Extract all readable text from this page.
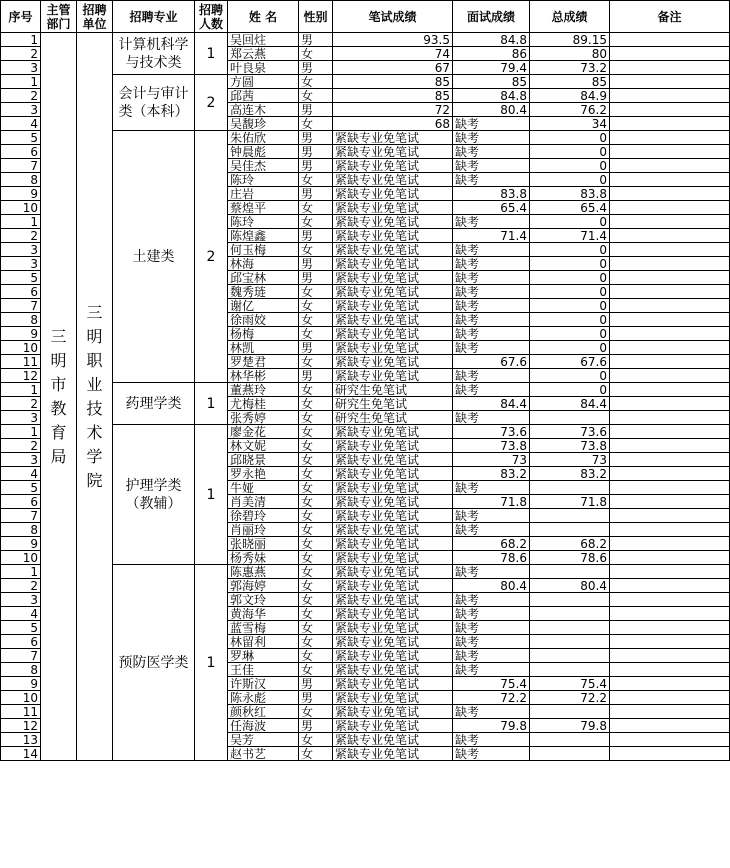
序号	主管部门	招聘单位	招聘专业	招聘人数	姓 名	性别	笔试成绩	面试成绩	总成绩	备注
1	三明市教育局	三明职业技术学院	计算机科学与技术类	1	吴回炷	男	93.5	84.8	89.15	
2					郑云燕	女	74	86	80	
3					叶良泉	男	67	79.4	73.2	
1			会计与审计类（本科）	2	方圆	女	85	85	85	
2					邱茜	女	85	84.8	84.9	
3					高连木	男	72	80.4	76.2	
4					吴馥珍	女	68	缺考	34	
5			土建类	2	朱佑欣	男	紧缺专业免笔试	缺考	0	
6					钟晨彪	男	紧缺专业免笔试	缺考	0	
7					吴佳杰	男	紧缺专业免笔试	缺考	0	
8					陈玲	女	紧缺专业免笔试	缺考	0	
9					庄岩	男	紧缺专业免笔试	83.8	83.8	
10					蔡煌平	女	紧缺专业免笔试	65.4	65.4	
1					陈玲	女	紧缺专业免笔试	缺考	0	
2					陈煌鑫	男	紧缺专业免笔试	71.4	71.4	
3					何玉梅	女	紧缺专业免笔试	缺考	0	
3					林海	男	紧缺专业免笔试	缺考	0	
5					邱宝林	男	紧缺专业免笔试	缺考	0	
6					魏秀琏	女	紧缺专业免笔试	缺考	0	
7					谢亿	女	紧缺专业免笔试	缺考	0	
8					徐雨姣	女	紧缺专业免笔试	缺考	0	
9					杨梅	女	紧缺专业免笔试	缺考	0	
10					林凯	男	紧缺专业免笔试	缺考	0	
11					罗楚君	女	紧缺专业免笔试	67.6	67.6	
12					林华彬	男	紧缺专业免笔试	缺考	0	
1			药理学类	1	董燕玲	女	研究生免笔试	缺考	0	
2					尤梅桂	女	研究生免笔试	84.4	84.4	
3					张秀婷	女	研究生免笔试	缺考		
1			护理学类（教辅）	1	廖金花	女	紧缺专业免笔试	73.6	73.6	
2					林文妮	女	紧缺专业免笔试	73.8	73.8	
3					邱晓景	女	紧缺专业免笔试	73	73	
4					罗永艳	女	紧缺专业免笔试	83.2	83.2	
5					牛娅	女	紧缺专业免笔试	缺考		
6					肖美清	女	紧缺专业免笔试	71.8	71.8	
7					徐碧玲	女	紧缺专业免笔试	缺考		
8					肖丽玲	女	紧缺专业免笔试	缺考		
9					张晓丽	女	紧缺专业免笔试	68.2	68.2	
10					杨秀妹	女	紧缺专业免笔试	78.6	78.6	
1			预防医学类	1	陈惠燕	女	紧缺专业免笔试	缺考		
2					郭海婷	女	紧缺专业免笔试	80.4	80.4	
3					郭文玲	女	紧缺专业免笔试	缺考		
4					黄海华	女	紧缺专业免笔试	缺考		
5					蓝雪梅	女	紧缺专业免笔试	缺考		
6					林留利	女	紧缺专业免笔试	缺考		
7					罗琳	女	紧缺专业免笔试	缺考		
8					王佳	女	紧缺专业免笔试	缺考		
9					许斯汉	男	紧缺专业免笔试	75.4	75.4	
10					陈永彪	男	紧缺专业免笔试	72.2	72.2	
11					颜秋红	女	紧缺专业免笔试	缺考		
12					任海波	男	紧缺专业免笔试	79.8	79.8	
13					吴芳	女	紧缺专业免笔试	缺考		
14					赵书艺	女	紧缺专业免笔试	缺考		
